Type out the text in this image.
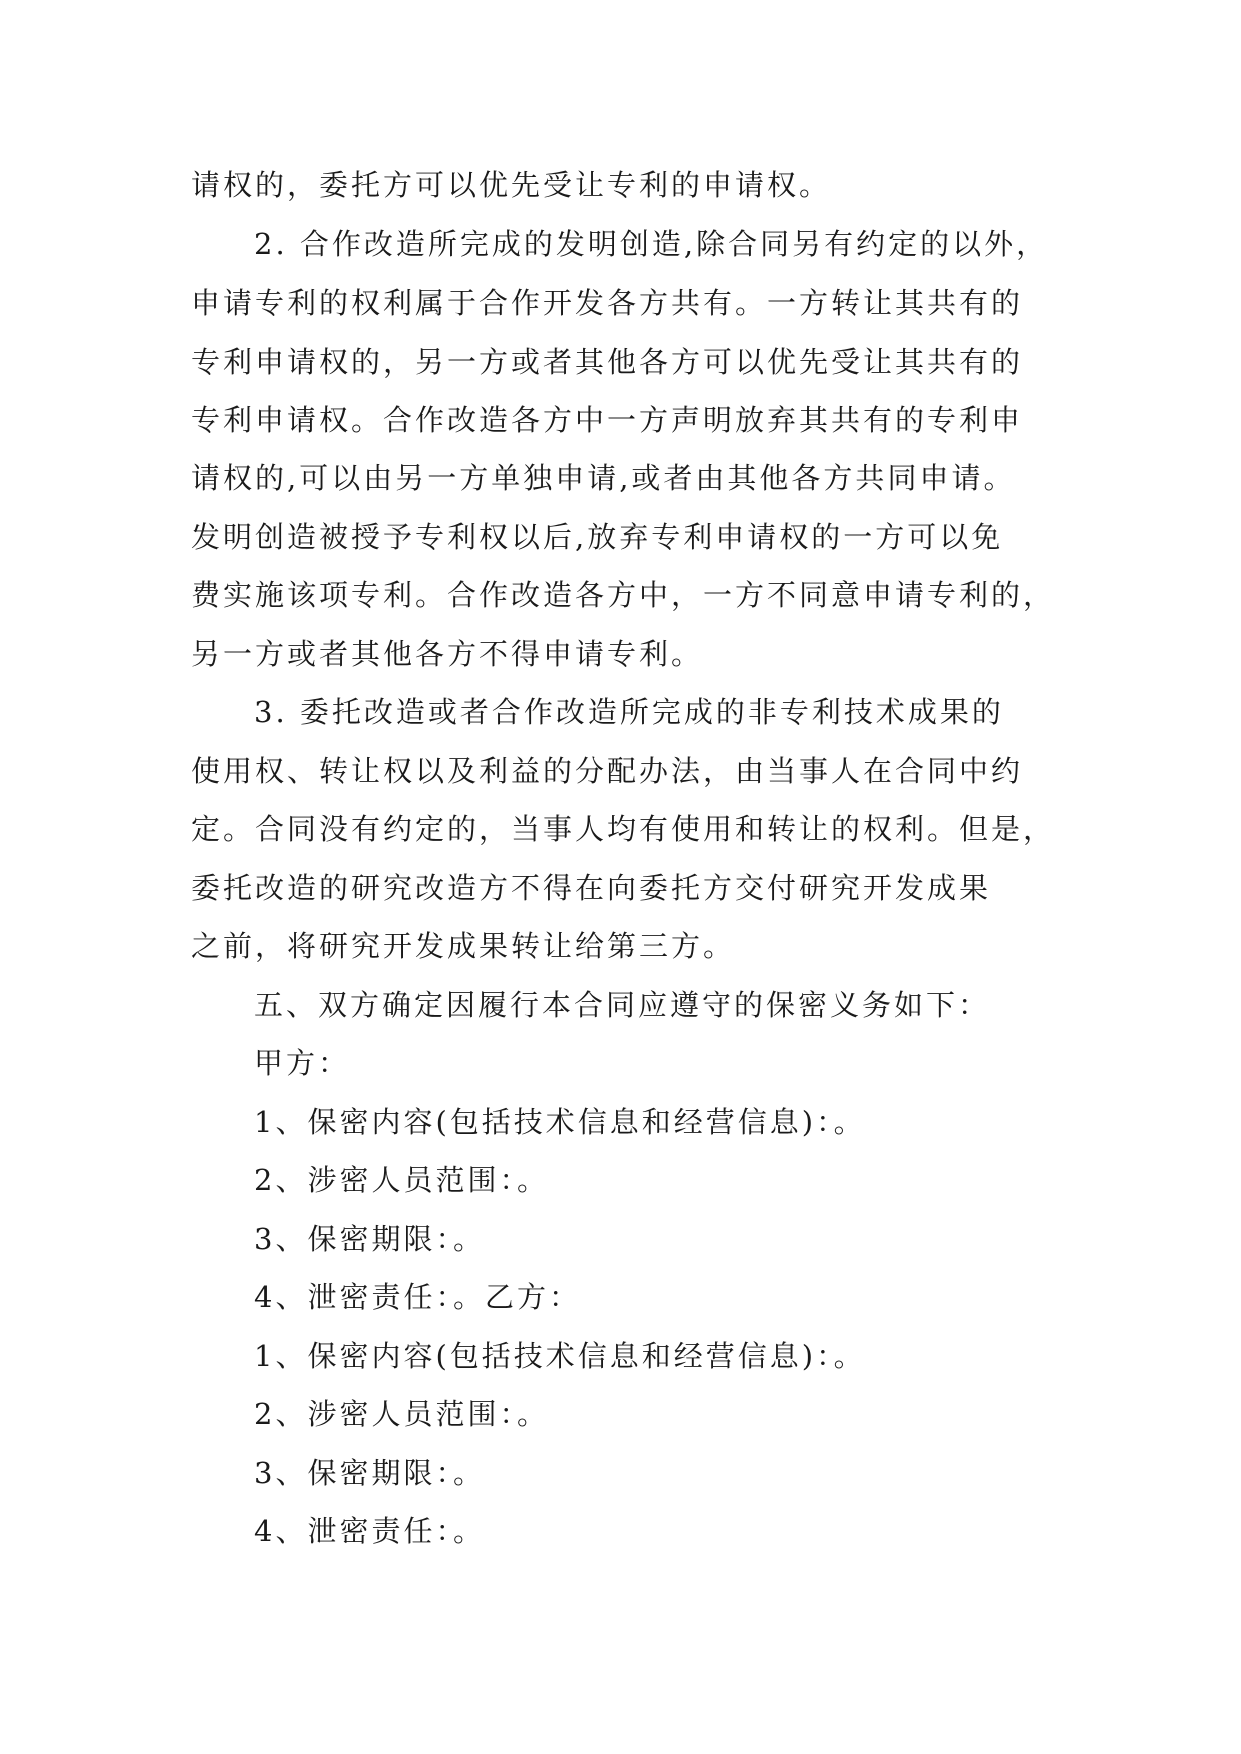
请权的，委托方可以优先受让专利的申请权。
2. 合作改造所完成的发明创造,除合同另有约定的以外，
申请专利的权利属于合作开发各方共有。一方转让其共有的
专利申请权的，另一方或者其他各方可以优先受让其共有的
专利申请权。合作改造各方中一方声明放弃其共有的专利申
请权的,可以由另一方单独申请,或者由其他各方共同申请。
发明创造被授予专利权以后,放弃专利申请权的一方可以免
费实施该项专利。合作改造各方中，一方不同意申请专利的，
另一方或者其他各方不得申请专利。
3. 委托改造或者合作改造所完成的非专利技术成果的
使用权、转让权以及利益的分配办法，由当事人在合同中约
定。合同没有约定的，当事人均有使用和转让的权利。但是，
委托改造的研究改造方不得在向委托方交付研究开发成果
之前，将研究开发成果转让给第三方。
五、双方确定因履行本合同应遵守的保密义务如下：
甲方：
1、保密内容(包括技术信息和经营信息)：。
2、涉密人员范围：。
3、保密期限：。
4、泄密责任：。乙方：
1、保密内容(包括技术信息和经营信息)：。
2、涉密人员范围：。
3、保密期限：。
4、泄密责任：。
